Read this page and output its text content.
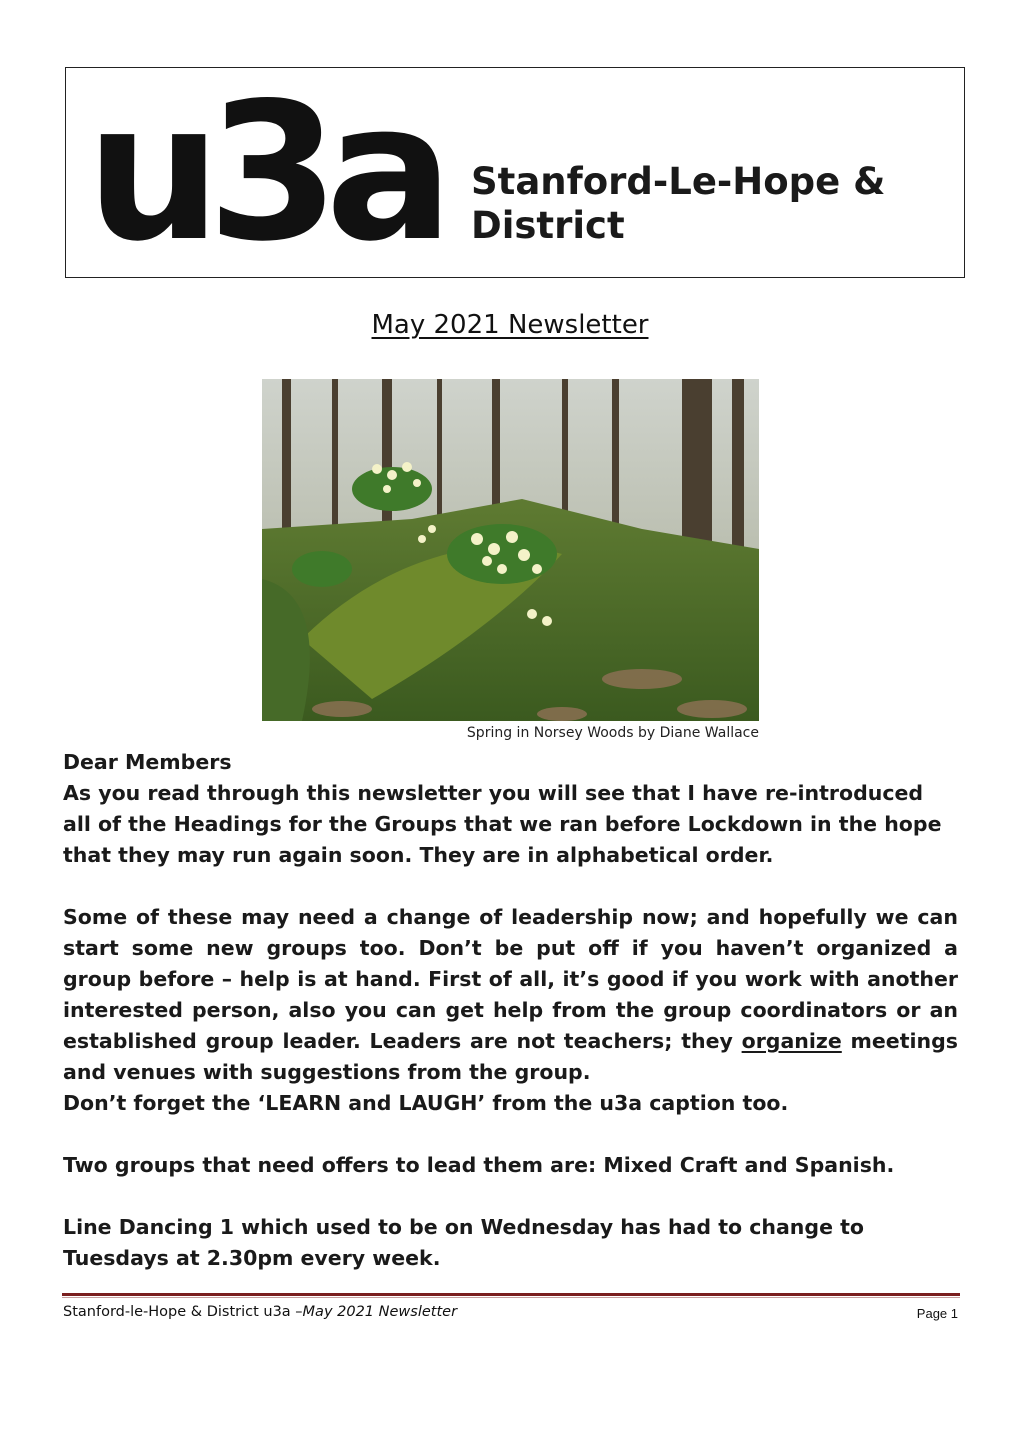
u3a Stanford-Le-Hope &
District
May 2021 Newsletter
Spring in Norsey Woods by Diane Wallace

Dear Members

As you read through this newsletter you will see that I have re-introduced all of the Headings for the Groups that we ran before Lockdown in the hope that they may run again soon. They are in alphabetical order.

Some of these may need a change of leadership now; and hopefully we can start some new groups too. Don’t be put off if you haven’t organized a group before – help is at hand. First of all, it’s good if you work with another interested person, also you can get help from the group coordinators or an established group leader. Leaders are not teachers; they organize meetings and venues with suggestions from the group.

Don’t forget the ‘LEARN and LAUGH’ from the u3a caption too.

Two groups that need offers to lead them are: Mixed Craft and Spanish.

Line Dancing 1 which used to be on Wednesday has had to change to Tuesdays at 2.30pm every week.

Stanford-le-Hope & District u3a –May 2021 Newsletter	Page 1
